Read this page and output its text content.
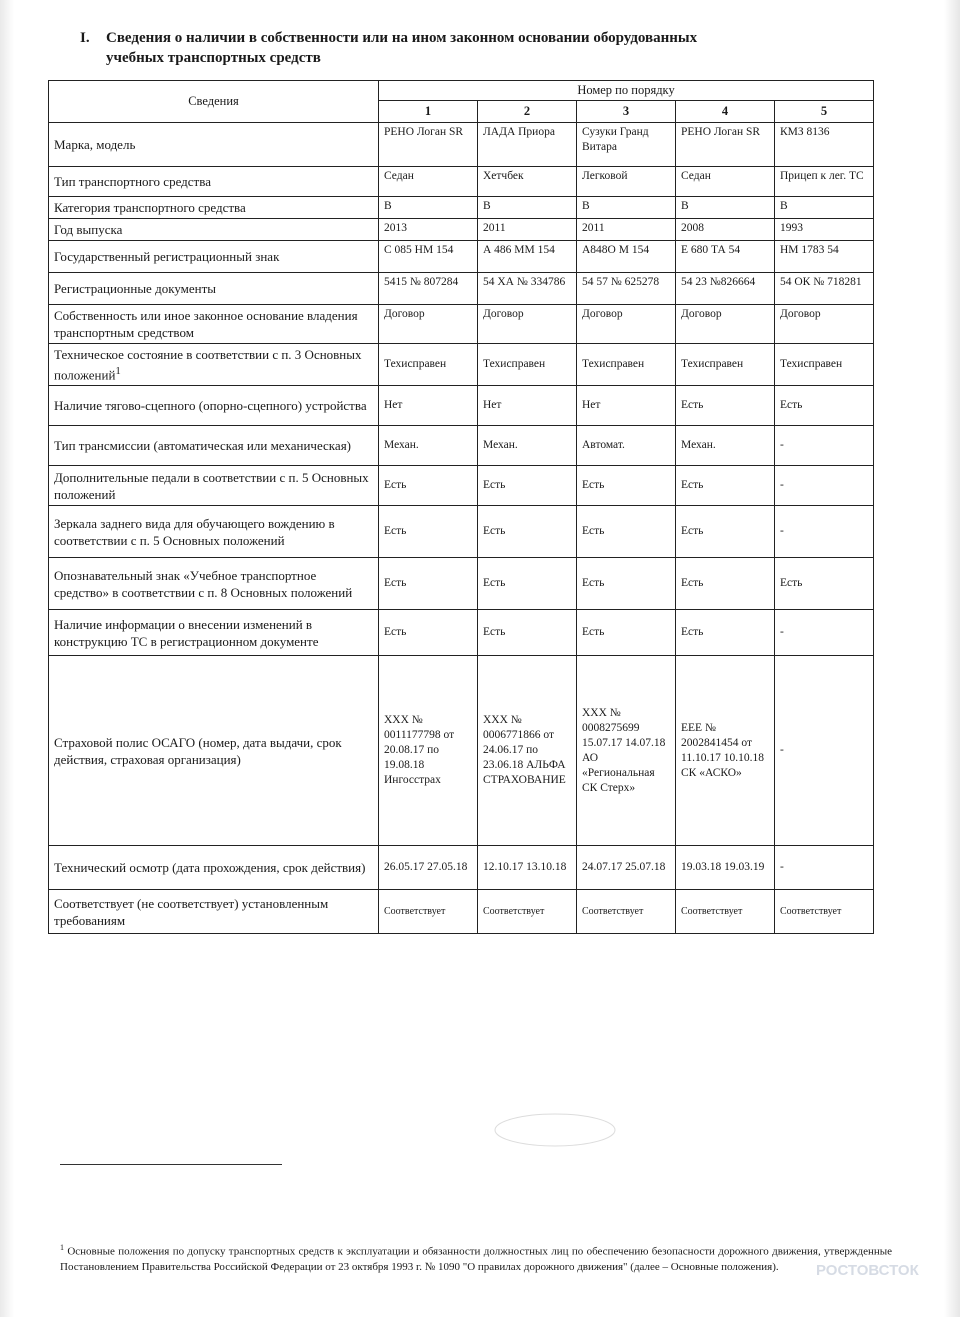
I. Сведения о наличии в собственности или на ином законном основании оборудованных
учебных транспортных средств
Сведения	Номер по порядку				
	1	2	3	4	5
Марка, модель	РЕНО Логан SR	ЛАДА Приора	Сузуки Гранд Витара	РЕНО Логан SR	КМЗ 8136
Тип транспортного средства	Седан	Хетчбек	Легковой	Седан	Прицеп к лег. ТС
Категория транспортного средства	В	В	В	В	В
Год выпуска	2013	2011	2011	2008	1993
Государственный регистрационный знак	С 085 НМ 154	А 486 ММ 154	А848О М 154	Е 680 ТА 54	НМ 1783 54
Регистрационные документы	5415 № 807284	54 ХА № 334786	54 57 № 625278	54 23 №826664	54 ОК № 718281
Собственность или иное законное основание владения транспортным средством	Договор	Договор	Договор	Договор	Договор
Техническое состояние в соответствии с п. 3 Основных положений$^1$	Техисправен	Техисправен	Техисправен	Техисправен	Техисправен
Наличие тягово-сцепного (опорно-сцепного) устройства	Нет	Нет	Нет	Есть	Есть
Тип трансмиссии (автоматическая или механическая)	Механ.	Механ.	Автомат.	Механ.	-
Дополнительные педали в соответствии с п. 5 Основных положений	Есть	Есть	Есть	Есть	-
Зеркала заднего вида для обучающего вождению в соответствии с п. 5 Основных положений	Есть	Есть	Есть	Есть	-
Опознавательный знак «Учебное транспортное средство» в соответствии с п. 8 Основных положений	Есть	Есть	Есть	Есть	Есть
Наличие информации о внесении изменений в конструкцию ТС в регистрационном документе	Есть	Есть	Есть	Есть	-
Страховой полис ОСАГО (номер, дата выдачи, срок действия, страховая организация)	ХХХ № 0011177798 от 20.08.17 по 19.08.18 Ингосстрах	ХХХ № 0006771866 от 24.06.17 по 23.06.18 АЛЬФА СТРАХОВАНИЕ	ХХХ № 0008275699 15.07.17 14.07.18 АО «Региональная СК Стерх»	ЕЕЕ № 2002841454 от 11.10.17 10.10.18 СК «АСКО»	-
Технический осмотр (дата прохождения, срок действия)	26.05.17 27.05.18	12.10.17 13.10.18	24.07.17 25.07.18	19.03.18 19.03.19	-
Соответствует (не соответствует) установленным требованиям	Соответствует	Соответствует	Соответствует	Соответствует	Соответствует
$^1$ Основные положения по допуску транспортных средств к эксплуатации и обязанности должностных лиц по обеспечению безопасности дорожного движения, утвержденные Постановлением Правительства Российской Федерации от 23 октября 1993 г. № 1090 "О правилах дорожного движения" (далее – Основные положения).	РОСТОВСТОК
